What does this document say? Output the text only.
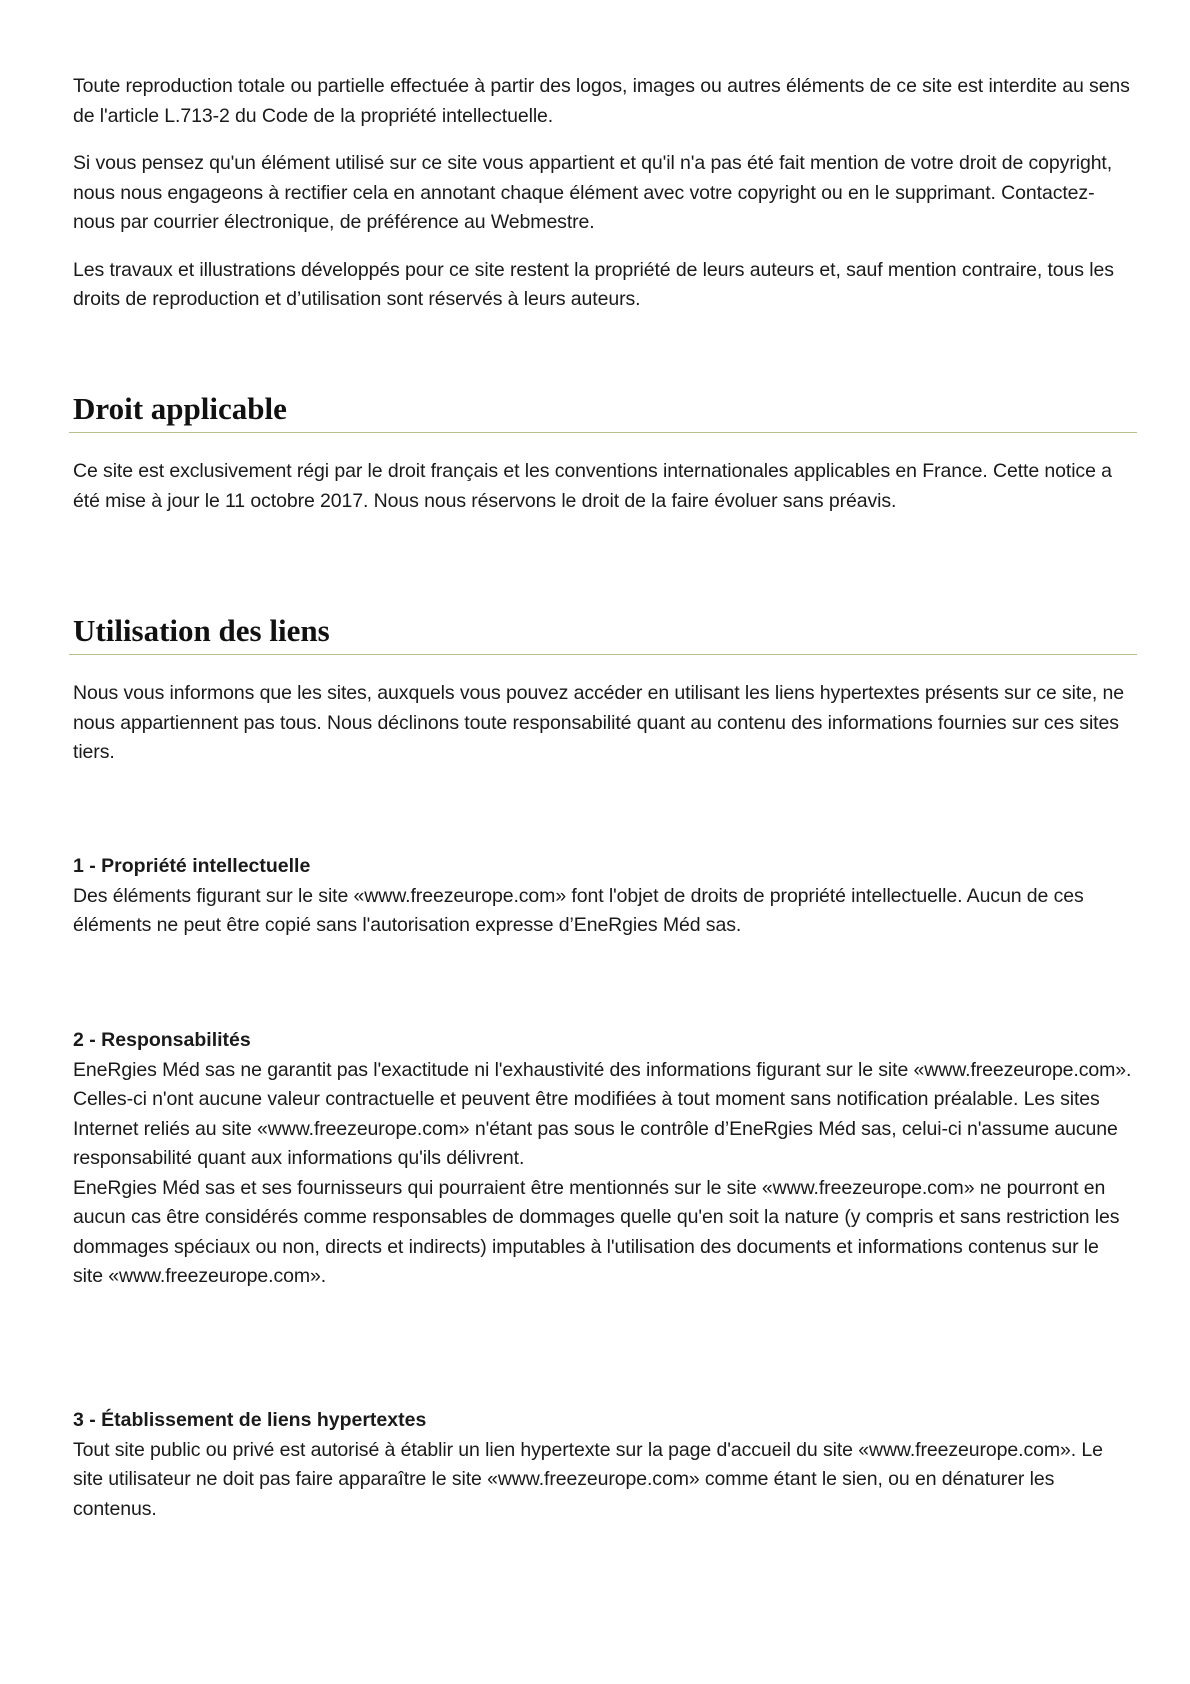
Toute reproduction totale ou partielle effectuée à partir des logos, images ou autres éléments de ce site est interdite au sens de l'article L.713-2 du Code de la propriété intellectuelle.

Si vous pensez qu'un élément utilisé sur ce site vous appartient et qu'il n'a pas été fait mention de votre droit de copyright, nous nous engageons à rectifier cela en annotant chaque élément avec votre copyright ou en le supprimant. Contactez-nous par courrier électronique, de préférence au Webmestre.

Les travaux et illustrations développés pour ce site restent la propriété de leurs auteurs et, sauf mention contraire, tous les droits de reproduction et d’utilisation sont réservés à leurs auteurs.

Droit applicable

Ce site est exclusivement régi par le droit français et les conventions internationales applicables en France. Cette notice a été mise à jour le 11 octobre 2017. Nous nous réservons le droit de la faire évoluer sans préavis.

Utilisation des liens

Nous vous informons que les sites, auxquels vous pouvez accéder en utilisant les liens hypertextes présents sur ce site, ne nous appartiennent pas tous. Nous déclinons toute responsabilité quant au contenu des informations fournies sur ces sites tiers.

1 - Propriété intellectuelle

Des éléments figurant sur le site «www.freezeurope.com» font l'objet de droits de propriété intellectuelle. Aucun de ces éléments ne peut être copié sans l'autorisation expresse d’EneRgies Méd sas.

2 - Responsabilités

EneRgies Méd sas ne garantit pas l'exactitude ni l'exhaustivité des informations figurant sur le site «www.freezeurope.com». Celles-ci n'ont aucune valeur contractuelle et peuvent être modifiées à tout moment sans notification préalable. Les sites Internet reliés au site «www.freezeurope.com» n'étant pas sous le contrôle d’EneRgies Méd sas, celui-ci n'assume aucune responsabilité quant aux informations qu'ils délivrent.

EneRgies Méd sas et ses fournisseurs qui pourraient être mentionnés sur le site «www.freezeurope.com» ne pourront en aucun cas être considérés comme responsables de dommages quelle qu'en soit la nature (y compris et sans restriction les dommages spéciaux ou non, directs et indirects) imputables à l'utilisation des documents et informations contenus sur le site «www.freezeurope.com».

3 - Établissement de liens hypertextes

Tout site public ou privé est autorisé à établir un lien hypertexte sur la page d'accueil du site «www.freezeurope.com». Le site utilisateur ne doit pas faire apparaître le site «www.freezeurope.com» comme étant le sien, ou en dénaturer les contenus.
